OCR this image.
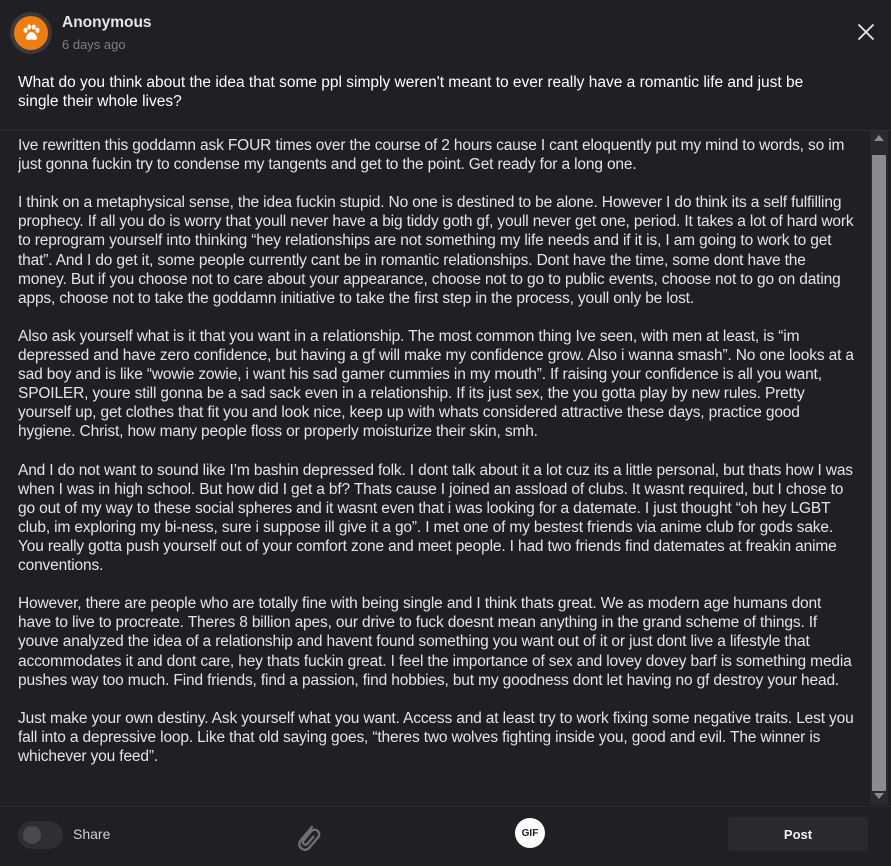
Anonymous
6 days ago
What do you think about the idea that some ppl simply weren't meant to ever really have a romantic life and just be single their whole lives?

Ive rewritten this goddamn ask FOUR times over the course of 2 hours cause I cant eloquently put my mind to words, so im just gonna fuckin try to condense my tangents and get to the point. Get ready for a long one.

I think on a metaphysical sense, the idea fuckin stupid. No one is destined to be alone. However I do think its a self fulfilling prophecy. If all you do is worry that youll never have a big tiddy goth gf, youll never get one, period. It takes a lot of hard work to reprogram yourself into thinking “hey relationships are not something my life needs and if it is, I am going to work to get that”. And I do get it, some people currently cant be in romantic relationships. Dont have the time, some dont have the money. But if you choose not to care about your appearance, choose not to go to public events, choose not to go on dating apps, choose not to take the goddamn initiative to take the first step in the process, youll only be lost.

Also ask yourself what is it that you want in a relationship. The most common thing Ive seen, with men at least, is “im depressed and have zero confidence, but having a gf will make my confidence grow. Also i wanna smash”. No one looks at a sad boy and is like “wowie zowie, i want his sad gamer cummies in my mouth”. If raising your confidence is all you want, SPOILER, youre still gonna be a sad sack even in a relationship. If its just sex, the you gotta play by new rules. Pretty yourself up, get clothes that fit you and look nice, keep up with whats considered attractive these days, practice good hygiene. Christ, how many people floss or properly moisturize their skin, smh.

And I do not want to sound like I’m bashin depressed folk. I dont talk about it a lot cuz its a little personal, but thats how I was when I was in high school. But how did I get a bf? Thats cause I joined an assload of clubs. It wasnt required, but I chose to go out of my way to these social spheres and it wasnt even that i was looking for a datemate. I just thought “oh hey LGBT club, im exploring my bi-ness, sure i suppose ill give it a go”. I met one of my bestest friends via anime club for gods sake. You really gotta push yourself out of your comfort zone and meet people. I had two friends find datemates at freakin anime conventions.

However, there are people who are totally fine with being single and I think thats great. We as modern age humans dont have to live to procreate. Theres 8 billion apes, our drive to fuck doesnt mean anything in the grand scheme of things. If youve analyzed the idea of a relationship and havent found something you want out of it or just dont live a lifestyle that accommodates it and dont care, hey thats fuckin great. I feel the importance of sex and lovey dovey barf is something media pushes way too much. Find friends, find a passion, find hobbies, but my goodness dont let having no gf destroy your head.

Just make your own destiny. Ask yourself what you want. Access and at least try to work fixing some negative traits. Lest you fall into a depressive loop. Like that old saying goes, “theres two wolves fighting inside you, good and evil. The winner is whichever you feed”.

Share	GIF	Post
